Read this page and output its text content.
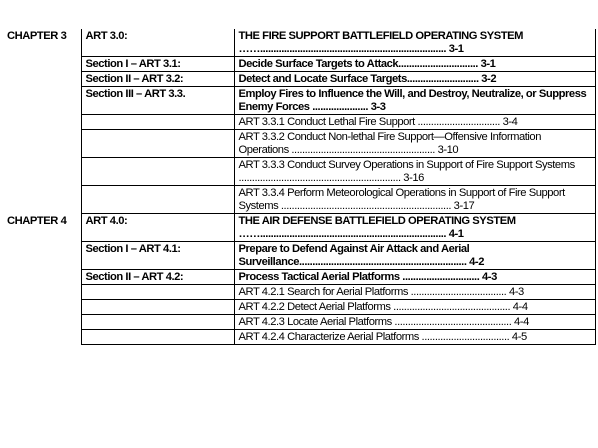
CHAPTER 3	ART 3.0:	THE FIRE SUPPORT BATTLEFIELD OPERATING SYSTEM
……...................................................................... 3-1

	Section I – ART 3.1:	Decide Surface Targets to Attack.............................. 3-1
	Section II – ART 3.2:	Detect and Locate Surface Targets........................... 3-2
	Section III – ART 3.3.	Employ Fires to Influence the Will, and Destroy, Neutralize, or Suppress Enemy Forces ..................... 3-3
		ART 3.3.1 Conduct Lethal Fire Support ............................... 3-4
		ART 3.3.2 Conduct Non-lethal Fire Support—Offensive Information Operations ...................................................... 3-10
		ART 3.3.3 Conduct Survey Operations in Support of Fire Support Systems ............................................................. 3-16
		ART 3.3.4 Perform Meteorological Operations in Support of Fire Support Systems ................................................................ 3-17
CHAPTER 4	ART 4.0:	THE AIR DEFENSE BATTLEFIELD OPERATING SYSTEM
……...................................................................... 4-1

	Section I – ART 4.1:	Prepare to Defend Against Air Attack and Aerial Surveillance............................................................... 4-2
	Section II – ART 4.2:	Process Tactical Aerial Platforms ............................. 4-3
		ART 4.2.1 Search for Aerial Platforms .................................... 4-3
		ART 4.2.2 Detect Aerial Platforms ............................................ 4-4
		ART 4.2.3 Locate Aerial Platforms ............................................ 4-4
		ART 4.2.4 Characterize Aerial Platforms ................................. 4-5
